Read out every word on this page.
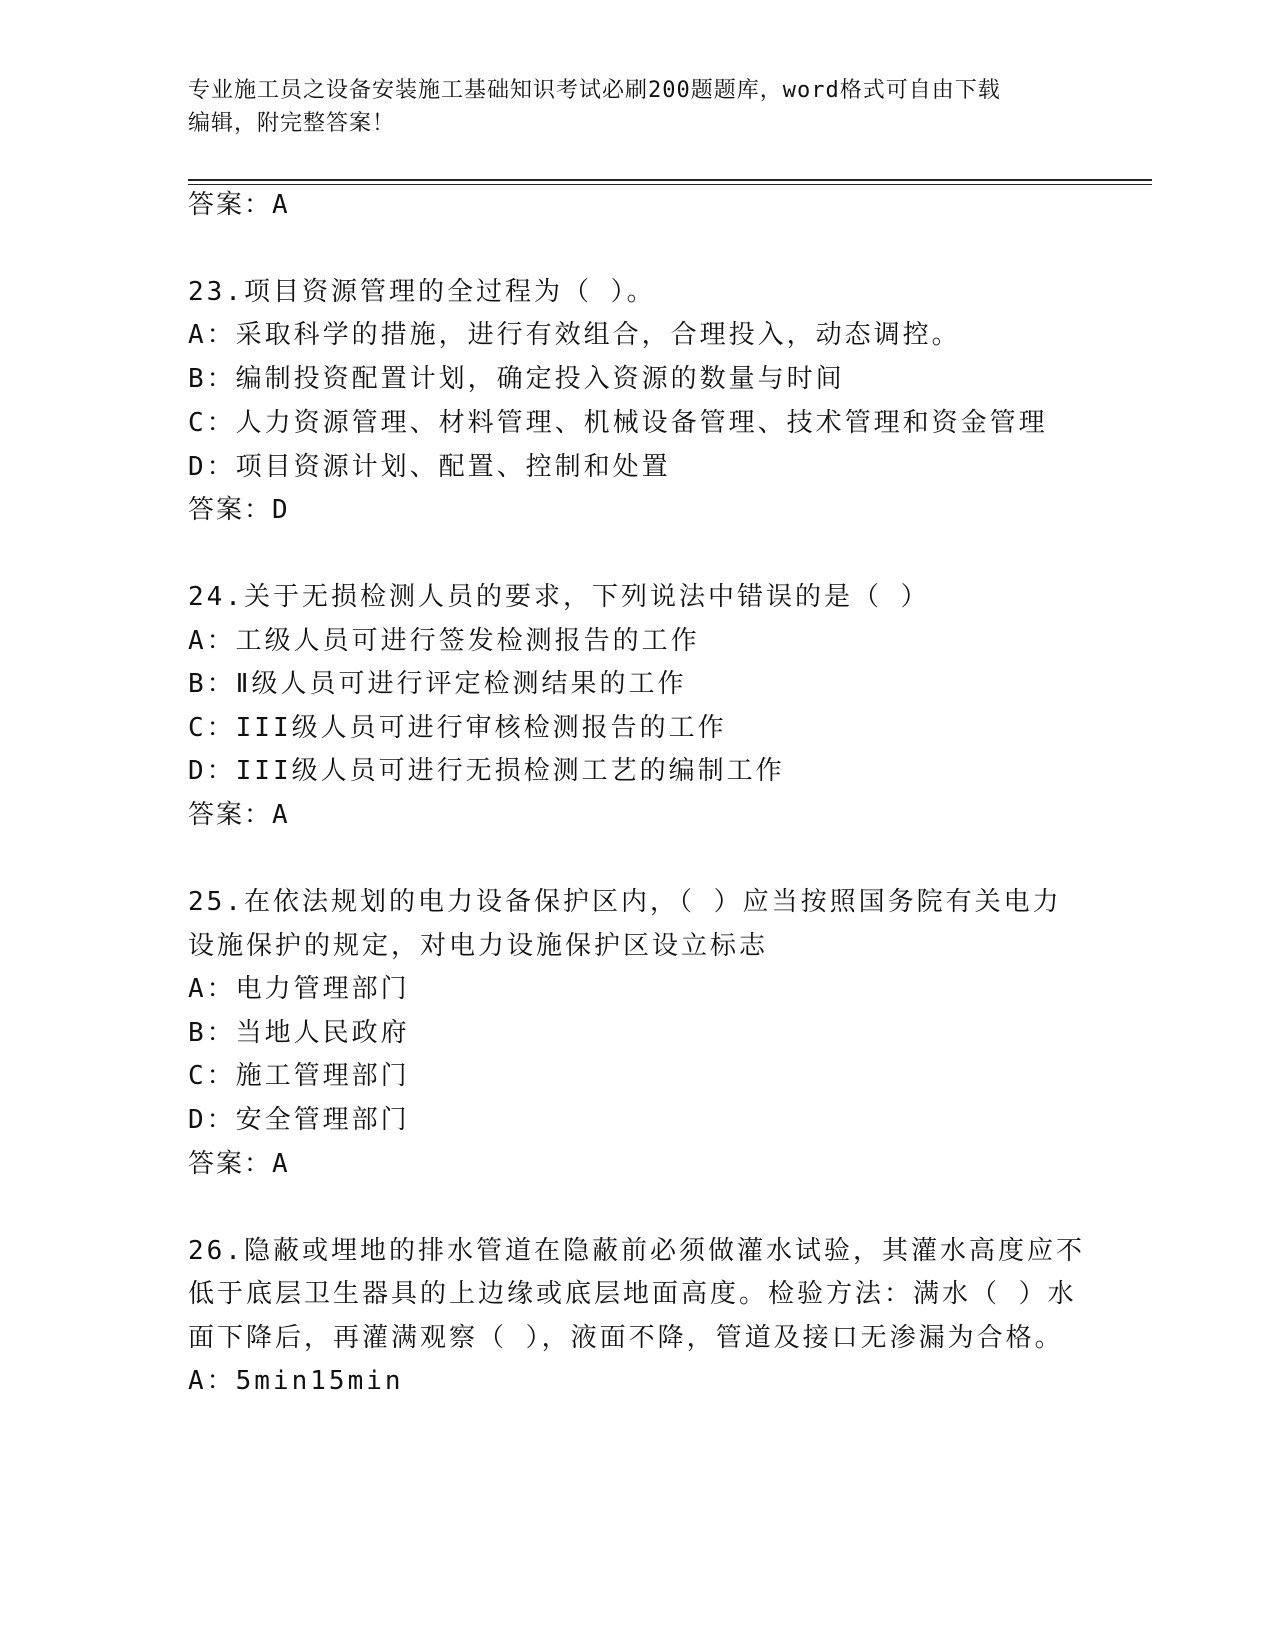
专业施工员之设备安装施工基础知识考试必刷200题题库，word格式可自由下载
编辑，附完整答案！
答案：A
23.项目资源管理的全过程为（ ）。
A：采取科学的措施，进行有效组合，合理投入，动态调控。
B：编制投资配置计划，确定投入资源的数量与时间
C：人力资源管理、材料管理、机械设备管理、技术管理和资金管理
D：项目资源计划、配置、控制和处置
答案：D
24.关于无损检测人员的要求，下列说法中错误的是（ ）
A：工级人员可进行签发检测报告的工作
B：Ⅱ级人员可进行评定检测结果的工作
C：III级人员可进行审核检测报告的工作
D：III级人员可进行无损检测工艺的编制工作
答案：A
25.在依法规划的电力设备保护区内，（ ）应当按照国务院有关电力
设施保护的规定，对电力设施保护区设立标志
A：电力管理部门
B：当地人民政府
C：施工管理部门
D：安全管理部门
答案：A
26.隐蔽或埋地的排水管道在隐蔽前必须做灌水试验，其灌水高度应不
低于底层卫生器具的上边缘或底层地面高度。检验方法：满水（ ）水
面下降后，再灌满观察（ ），液面不降，管道及接口无渗漏为合格。
A：5min15min
